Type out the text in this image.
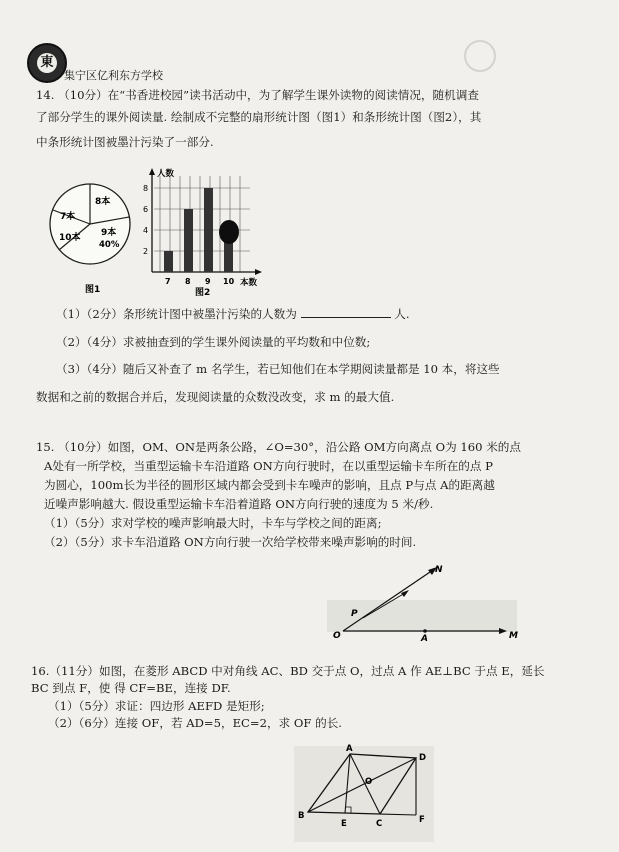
東
集宁区亿利东方学校
14. （10分）在“书香进校园”读书活动中，为了解学生课外读物的阅读情况，随机调查
了部分学生的课外阅读量. 绘制成不完整的扇形统计图（图1）和条形统计图（图2），其
中条形统计图被墨汁污染了一部分.
8本
7本
10本 9本
40%
图1
人数
本数
8
6
4
2
7 8 9 10
图2
（1）（2分）条形统计图中被墨汁污染的人数为	人.
（2）（4分）求被抽查到的学生课外阅读量的平均数和中位数;
（3）（4分）随后又补查了 m 名学生，若已知他们在本学期阅读量都是 10 本，将这些
数据和之前的数据合并后，发现阅读量的众数没改变，求 m 的最大值.
15. （10分）如图，OM、ON是两条公路，∠O=30°，沿公路 OM方向离点 O为 160 米的点
A处有一所学校，当重型运输卡车沿道路 ON方向行驶时，在以重型运输卡车所在的点 P
为圆心，100m长为半径的圆形区域内都会受到卡车噪声的影响，且点 P与点 A的距离越
近噪声影响越大. 假设重型运输卡车沿着道路 ON方向行驶的速度为 5 米/秒.
（1）（5分）求对学校的噪声影响最大时，卡车与学校之间的距离;
（2）（5分）求卡车沿道路 ON方向行驶一次给学校带来噪声影响的时间.
N
P
O	A	M
16.（11分）如图，在菱形 ABCD 中对角线 AC、BD 交于点 O，过点 A 作 AE⊥BC 于点 E，延长
BC 到点 F，使 得 CF=BE，连接 DF.
（1）（5分）求证：四边形 AEFD 是矩形;
（2）（6分）连接 OF，若 AD=5，EC=2，求 OF 的长.
A
D
O
B
E	C	F
